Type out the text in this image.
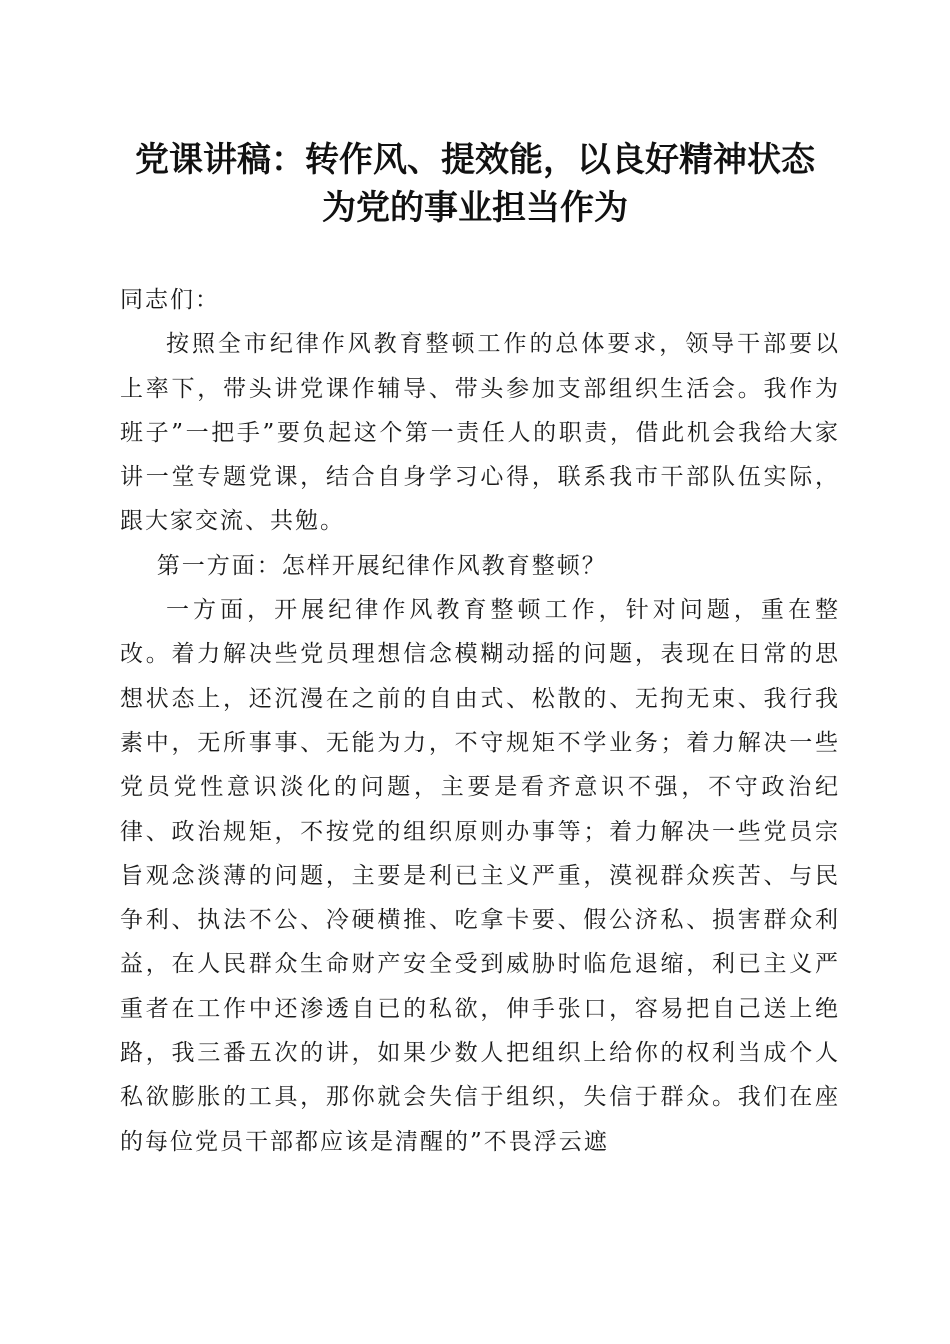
党课讲稿：转作风、提效能，以良好精神状态
为党的事业担当作为

同志们：

按照全市纪律作风教育整顿工作的总体要求，领导干部要以上率下，带头讲党课作辅导、带头参加支部组织生活会。我作为班子”一把手”要负起这个第一责任人的职责，借此机会我给大家讲一堂专题党课，结合自身学习心得，联系我市干部队伍实际，跟大家交流、共勉。

第一方面：怎样开展纪律作风教育整顿？

一方面，开展纪律作风教育整顿工作，针对问题，重在整改。着力解决些党员理想信念模糊动摇的问题，表现在日常的思想状态上，还沉漫在之前的自由式、松散的、无拘无束、我行我素中，无所事事、无能为力，不守规矩不学业务；着力解决一些党员党性意识淡化的问题，主要是看齐意识不强，不守政治纪律、政治规矩，不按党的组织原则办事等；着力解决一些党员宗旨观念淡薄的问题，主要是利已主义严重，漠视群众疾苦、与民争利、执法不公、冷硬横推、吃拿卡要、假公济私、损害群众利益，在人民群众生命财产安全受到威胁时临危退缩，利已主义严重者在工作中还渗透自已的私欲，伸手张口，容易把自己送上绝路，我三番五次的讲，如果少数人把组织上给你的权利当成个人私欲膨胀的工具，那你就会失信于组织，失信于群众。我们在座的每位党员干部都应该是清醒的”不畏浮云遮
